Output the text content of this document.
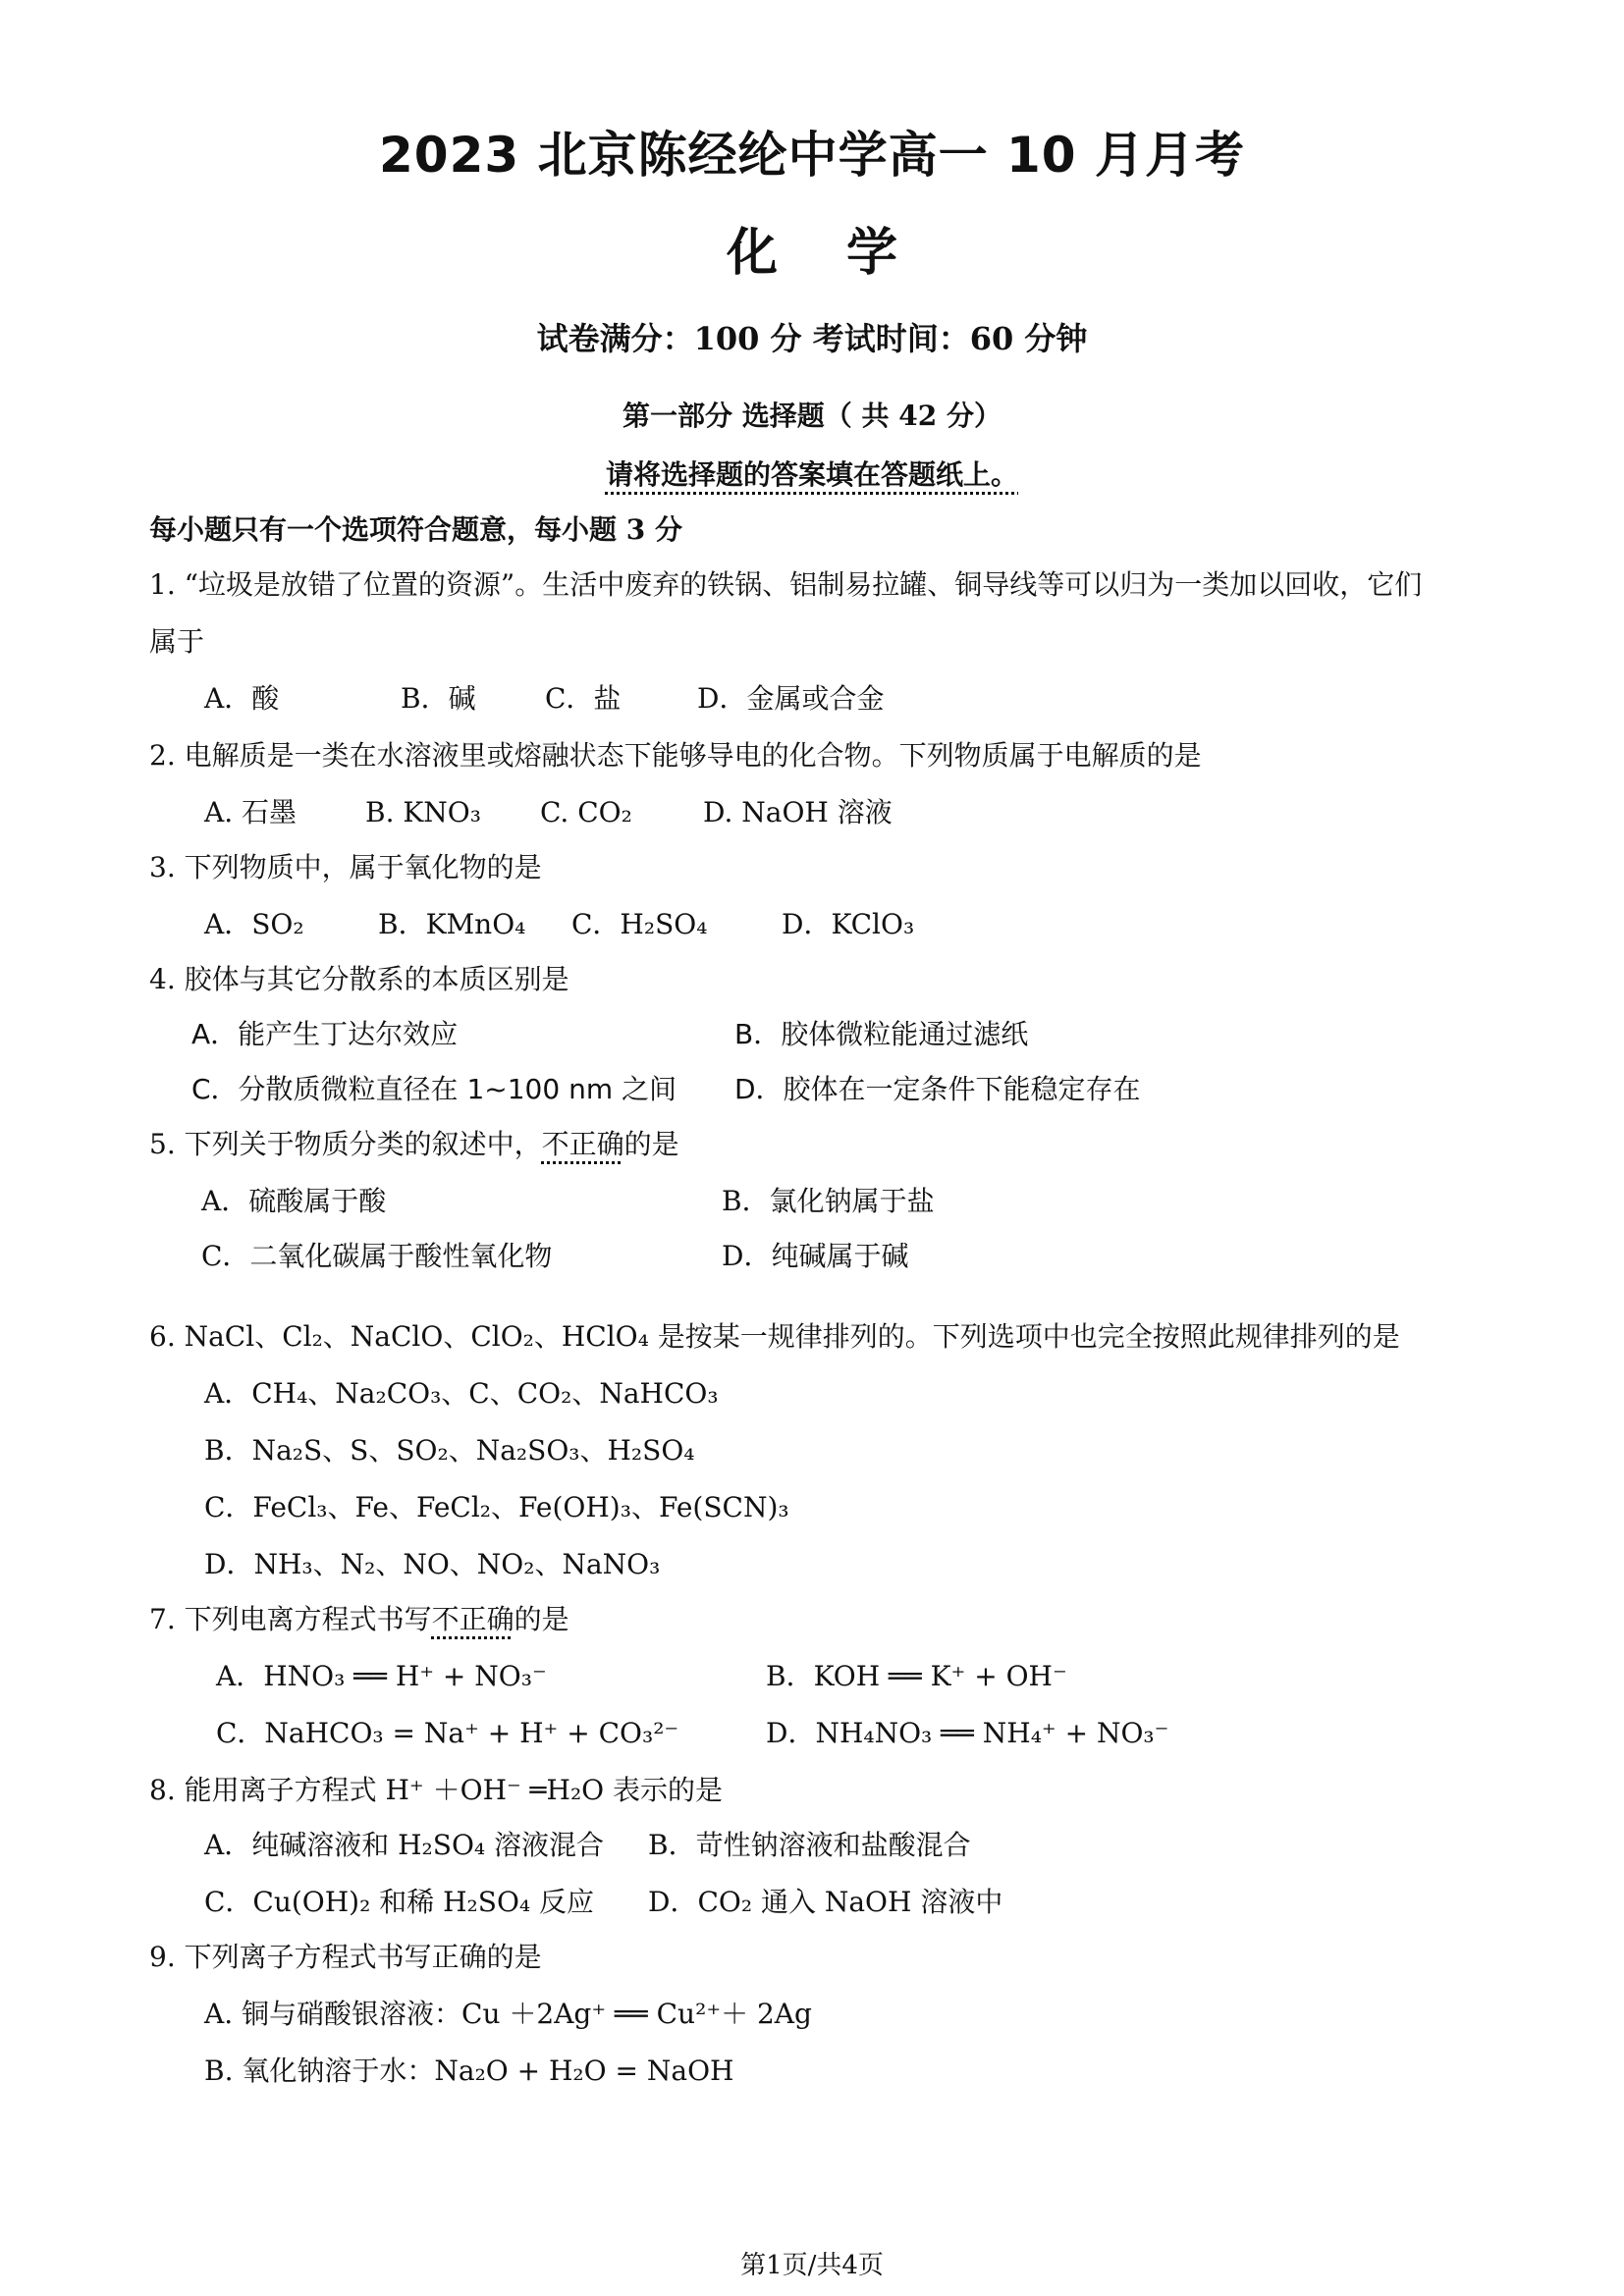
2023 北京陈经纶中学高一 10 月月考
化学
试卷满分：100 分 考试时间：60 分钟
第一部分 选择题（ 共 42 分）
请将选择题的答案填在答题纸上。
每小题只有一个选项符合题意，每小题 3 分
1. “垃圾是放错了位置的资源”。生活中废弃的铁锅、铝制易拉罐、铜导线等可以归为一类加以回收，它们
属于
A．酸	B．碱	C．盐	D．金属或合金
2. 电解质是一类在水溶液里或熔融状态下能够导电的化合物。下列物质属于电解质的是
A. 石墨 B. KNO₃ C. CO₂	D. NaOH 溶液
3. 下列物质中，属于氧化物的是
A．SO₂	B．KMnO₄ C．H₂SO₄	D．KClO₃
4. 胶体与其它分散系的本质区别是
A．能产生丁达尔效应	B．胶体微粒能通过滤纸
C．分散质微粒直径在 1~100 nm 之间 D．胶体在一定条件下能稳定存在
5. 下列关于物质分类的叙述中，不正确的是
A．硫酸属于酸	B．氯化钠属于盐
C．二氧化碳属于酸性氧化物	D．纯碱属于碱
6. NaCl、Cl₂、NaClO、ClO₂、HClO₄ 是按某一规律排列的。下列选项中也完全按照此规律排列的是
A．CH₄、Na₂CO₃、C、CO₂、NaHCO₃
B．Na₂S、S、SO₂、Na₂SO₃、H₂SO₄
C．FeCl₃、Fe、FeCl₂、Fe(OH)₃、Fe(SCN)₃
D．NH₃、N₂、NO、NO₂、NaNO₃
7. 下列电离方程式书写不正确的是
A．HNO₃ ══ H⁺ + NO₃⁻	B．KOH ══ K⁺ + OH⁻
C．NaHCO₃ = Na⁺ + H⁺ + CO₃²⁻	D．NH₄NO₃ ══ NH₄⁺ + NO₃⁻
8. 能用离子方程式 H⁺ ＋OH⁻ ═H₂O 表示的是
A．纯碱溶液和 H₂SO₄ 溶液混合 B．苛性钠溶液和盐酸混合
C．Cu(OH)₂ 和稀 H₂SO₄ 反应 D．CO₂ 通入 NaOH 溶液中
9. 下列离子方程式书写正确的是
A. 铜与硝酸银溶液：Cu ＋2Ag⁺ ══ Cu²⁺＋ 2Ag
B. 氧化钠溶于水：Na₂O + H₂O = NaOH
第1页/共4页
